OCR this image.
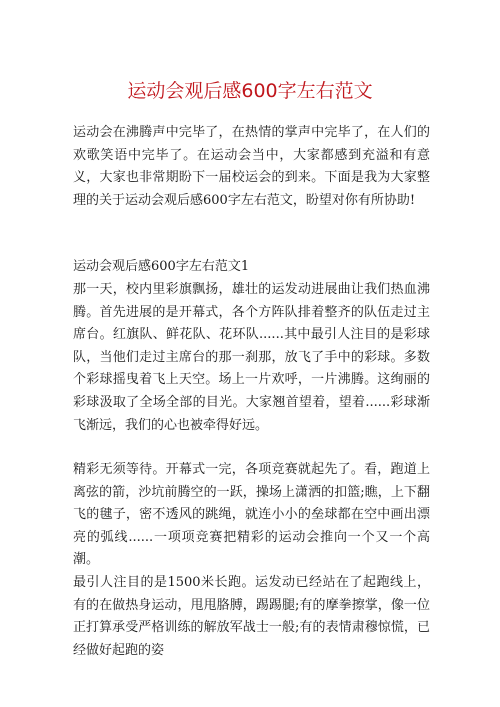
运动会观后感600字左右范文

运动会在沸腾声中完毕了，在热情的掌声中完毕了，在人们的欢歌笑语中完毕了。在运动会当中，大家都感到充溢和有意义，大家也非常期盼下一届校运会的到来。下面是我为大家整理的关于运动会观后感600字左右范文，盼望对你有所协助!

运动会观后感600字左右范文1

那一天，校内里彩旗飘扬，雄壮的运发动进展曲让我们热血沸腾。首先进展的是开幕式，各个方阵队排着整齐的队伍走过主席台。红旗队、鲜花队、花环队......其中最引人注目的是彩球队，当他们走过主席台的那一刹那，放飞了手中的彩球。多数个彩球摇曳着飞上天空。场上一片欢呼，一片沸腾。这绚丽的彩球汲取了全场全部的目光。大家翘首望着，望着......彩球渐飞渐远，我们的心也被牵得好远。

精彩无须等待。开幕式一完，各项竞赛就起先了。看，跑道上离弦的箭，沙坑前腾空的一跃，操场上潇洒的扣篮;瞧，上下翻飞的毽子，密不透风的跳绳，就连小小的垒球都在空中画出漂亮的弧线......一项项竞赛把精彩的运动会推向一个又一个高潮。

最引人注目的是1500米长跑。运发动已经站在了起跑线上，有的在做热身运动，甩甩胳膊，踢踢腿;有的摩拳擦掌，像一位正打算承受严格训练的解放军战士一般;有的表情肃穆惊慌，已经做好起跑的姿
